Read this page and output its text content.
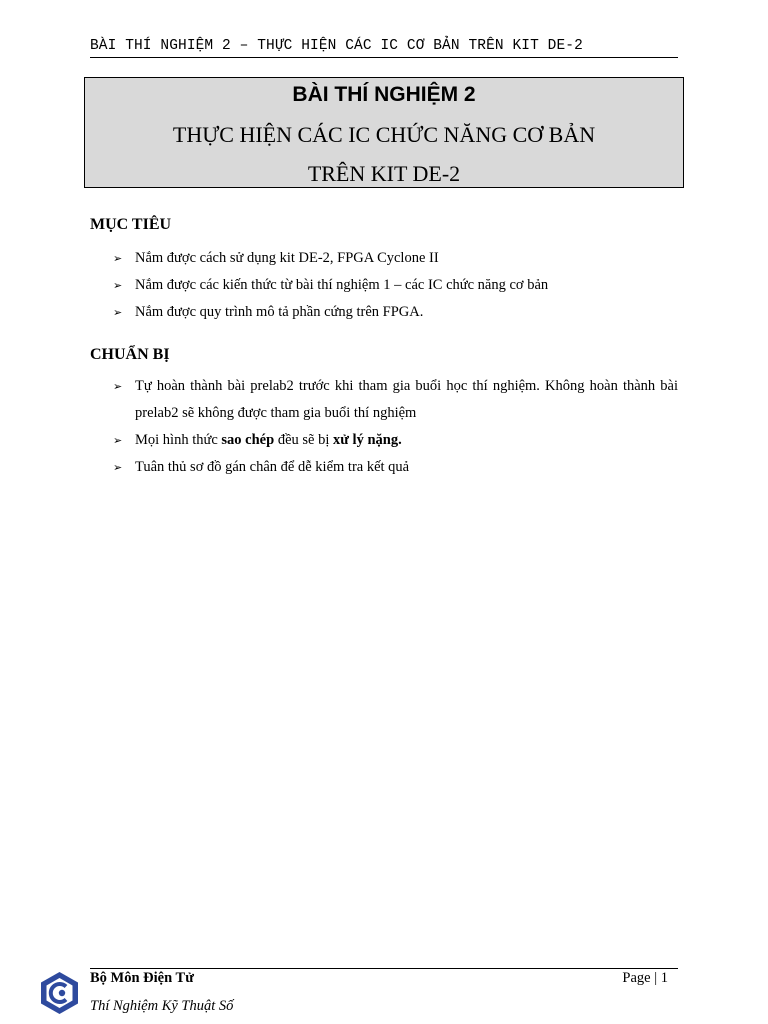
BÀI THÍ NGHIỆM 2 – THỰC HIỆN CÁC IC CƠ BẢN TRÊN KIT DE-2
BÀI THÍ NGHIỆM 2
THỰC HIỆN CÁC IC CHỨC NĂNG CƠ BẢN
TRÊN KIT DE-2
MỤC TIÊU
➢ Nắm được cách sử dụng kit DE-2, FPGA Cyclone II
➢ Nắm được các kiến thức từ bài thí nghiệm 1 – các IC chức năng cơ bản
➢ Nắm được quy trình mô tả phần cứng trên FPGA.
CHUẨN BỊ
➢ Tự hoàn thành bài prelab2 trước khi tham gia buổi học thí nghiệm. Không hoàn thành bài prelab2 sẽ không được tham gia buổi thí nghiệm
➢ Mọi hình thức sao chép đều sẽ bị xử lý nặng.
➢ Tuân thủ sơ đồ gán chân để dễ kiểm tra kết quả
Bộ Môn Điện Tử	Page | 1
Thí Nghiệm Kỹ Thuật Số
